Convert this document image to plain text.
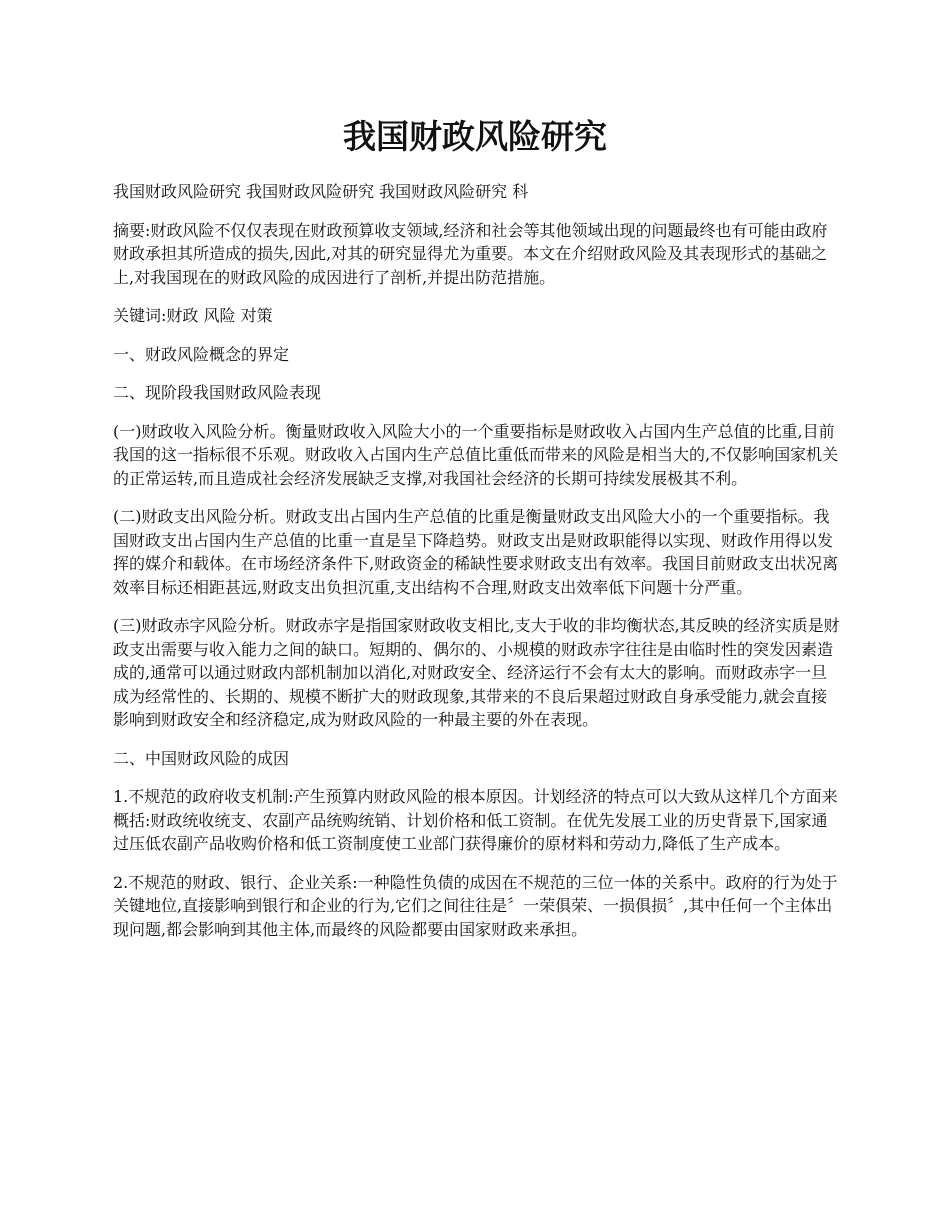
我国财政风险研究

我国财政风险研究 我国财政风险研究 我国财政风险研究 科

摘要:财政风险不仅仅表现在财政预算收支领域,经济和社会等其他领域出现的问题最终也有可能由政府财政承担其所造成的损失,因此,对其的研究显得尤为重要。本文在介绍财政风险及其表现形式的基础之上,对我国现在的财政风险的成因进行了剖析,并提出防范措施。

关键词:财政 风险 对策

一、财政风险概念的界定

二、现阶段我国财政风险表现

(一)财政收入风险分析。衡量财政收入风险大小的一个重要指标是财政收入占国内生产总值的比重,目前我国的这一指标很不乐观。财政收入占国内生产总值比重低而带来的风险是相当大的,不仅影响国家机关的正常运转,而且造成社会经济发展缺乏支撑,对我国社会经济的长期可持续发展极其不利。

(二)财政支出风险分析。财政支出占国内生产总值的比重是衡量财政支出风险大小的一个重要指标。我国财政支出占国内生产总值的比重一直是呈下降趋势。财政支出是财政职能得以实现、财政作用得以发挥的媒介和载体。在市场经济条件下,财政资金的稀缺性要求财政支出有效率。我国目前财政支出状况离效率目标还相距甚远,财政支出负担沉重,支出结构不合理,财政支出效率低下问题十分严重。

(三)财政赤字风险分析。财政赤字是指国家财政收支相比,支大于收的非均衡状态,其反映的经济实质是财政支出需要与收入能力之间的缺口。短期的、偶尔的、小规模的财政赤字往往是由临时性的突发因素造成的,通常可以通过财政内部机制加以消化,对财政安全、经济运行不会有太大的影响。而财政赤字一旦成为经常性的、长期的、规模不断扩大的财政现象,其带来的不良后果超过财政自身承受能力,就会直接影响到财政安全和经济稳定,成为财政风险的一种最主要的外在表现。

二、中国财政风险的成因

1.不规范的政府收支机制:产生预算内财政风险的根本原因。计划经济的特点可以大致从这样几个方面来概括:财政统收统支、农副产品统购统销、计划价格和低工资制。在优先发展工业的历史背景下,国家通过压低农副产品收购价格和低工资制度使工业部门获得廉价的原材料和劳动力,降低了生产成本。

2.不规范的财政、银行、企业关系:一种隐性负债的成因在不规范的三位一体的关系中。政府的行为处于关键地位,直接影响到银行和企业的行为,它们之间往往是〞一荣俱荣、一损俱损〞,其中任何一个主体出现问题,都会影响到其他主体,而最终的风险都要由国家财政来承担。
